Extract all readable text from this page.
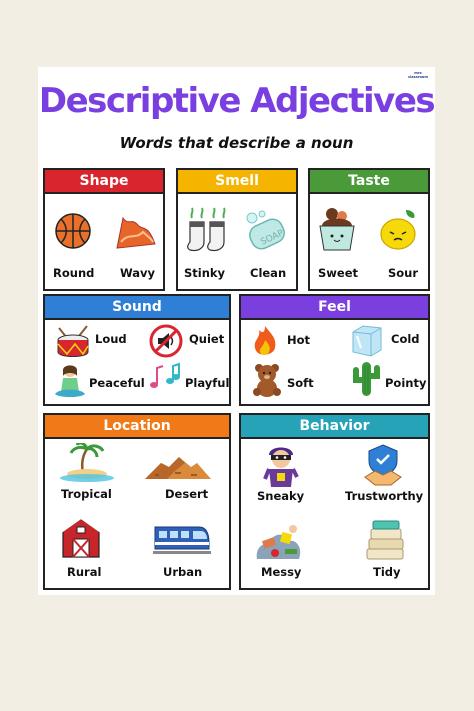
mrs
classroom
Descriptive Adjectives
Words that describe a noun
Shape
Round Wavy
Smell
SOAP
Stinky Clean
Taste
Sweet	Sour
Sound
Loud	Quiet
Peaceful	Playful
Feel
Hot	Cold
Soft	Pointy
Location
Tropical	Desert
Rural	Urban
Behavior
Sneaky	Trustworthy
Messy	Tidy
